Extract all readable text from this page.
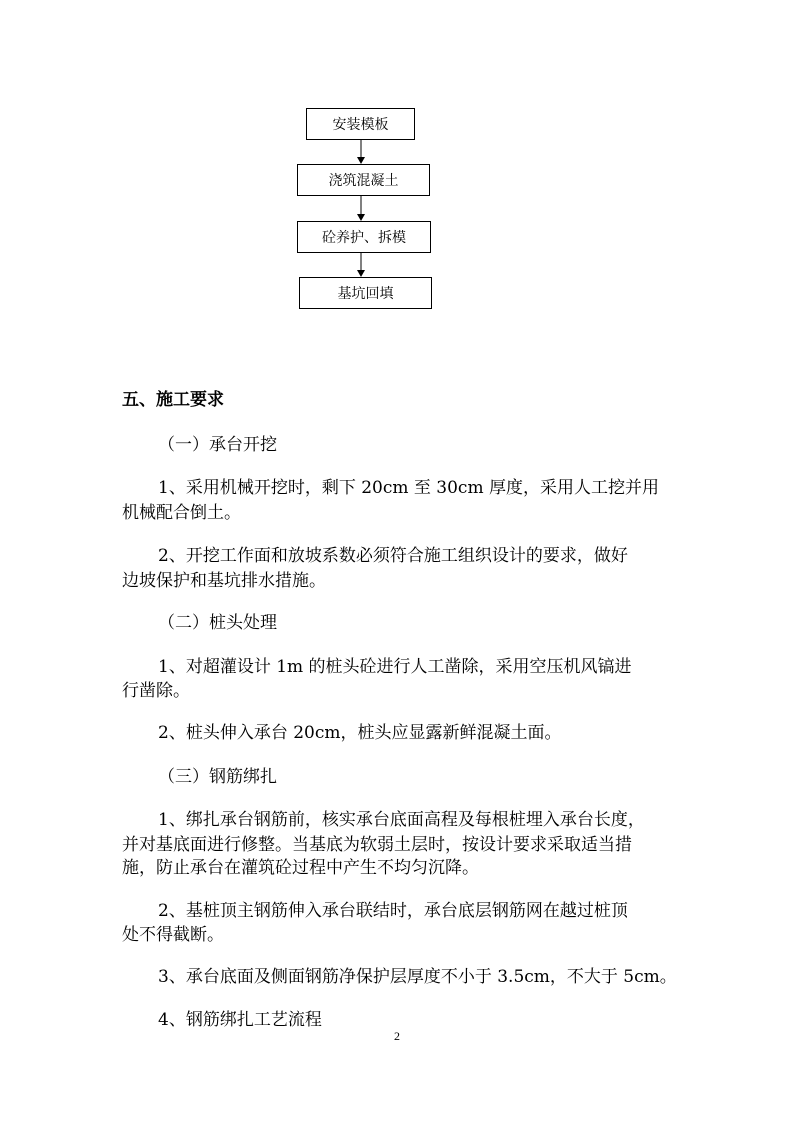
安装模板
浇筑混凝土
砼养护、拆模
基坑回填
五、施工要求
（一）承台开挖
1、采用机械开挖时，剩下 20cm 至 30cm 厚度，采用人工挖并用
机械配合倒土。
2、开挖工作面和放坡系数必须符合施工组织设计的要求，做好
边坡保护和基坑排水措施。
（二）桩头处理
1、对超灌设计 1m 的桩头砼进行人工凿除，采用空压机风镐进
行凿除。
2、桩头伸入承台 20cm，桩头应显露新鲜混凝土面。
（三）钢筋绑扎
1、绑扎承台钢筋前，核实承台底面高程及每根桩埋入承台长度，
并对基底面进行修整。当基底为软弱土层时，按设计要求采取适当措
施，防止承台在灌筑砼过程中产生不均匀沉降。
2、基桩顶主钢筋伸入承台联结时，承台底层钢筋网在越过桩顶
处不得截断。
3、承台底面及侧面钢筋净保护层厚度不小于 3.5cm，不大于 5cm。
4、钢筋绑扎工艺流程
2
